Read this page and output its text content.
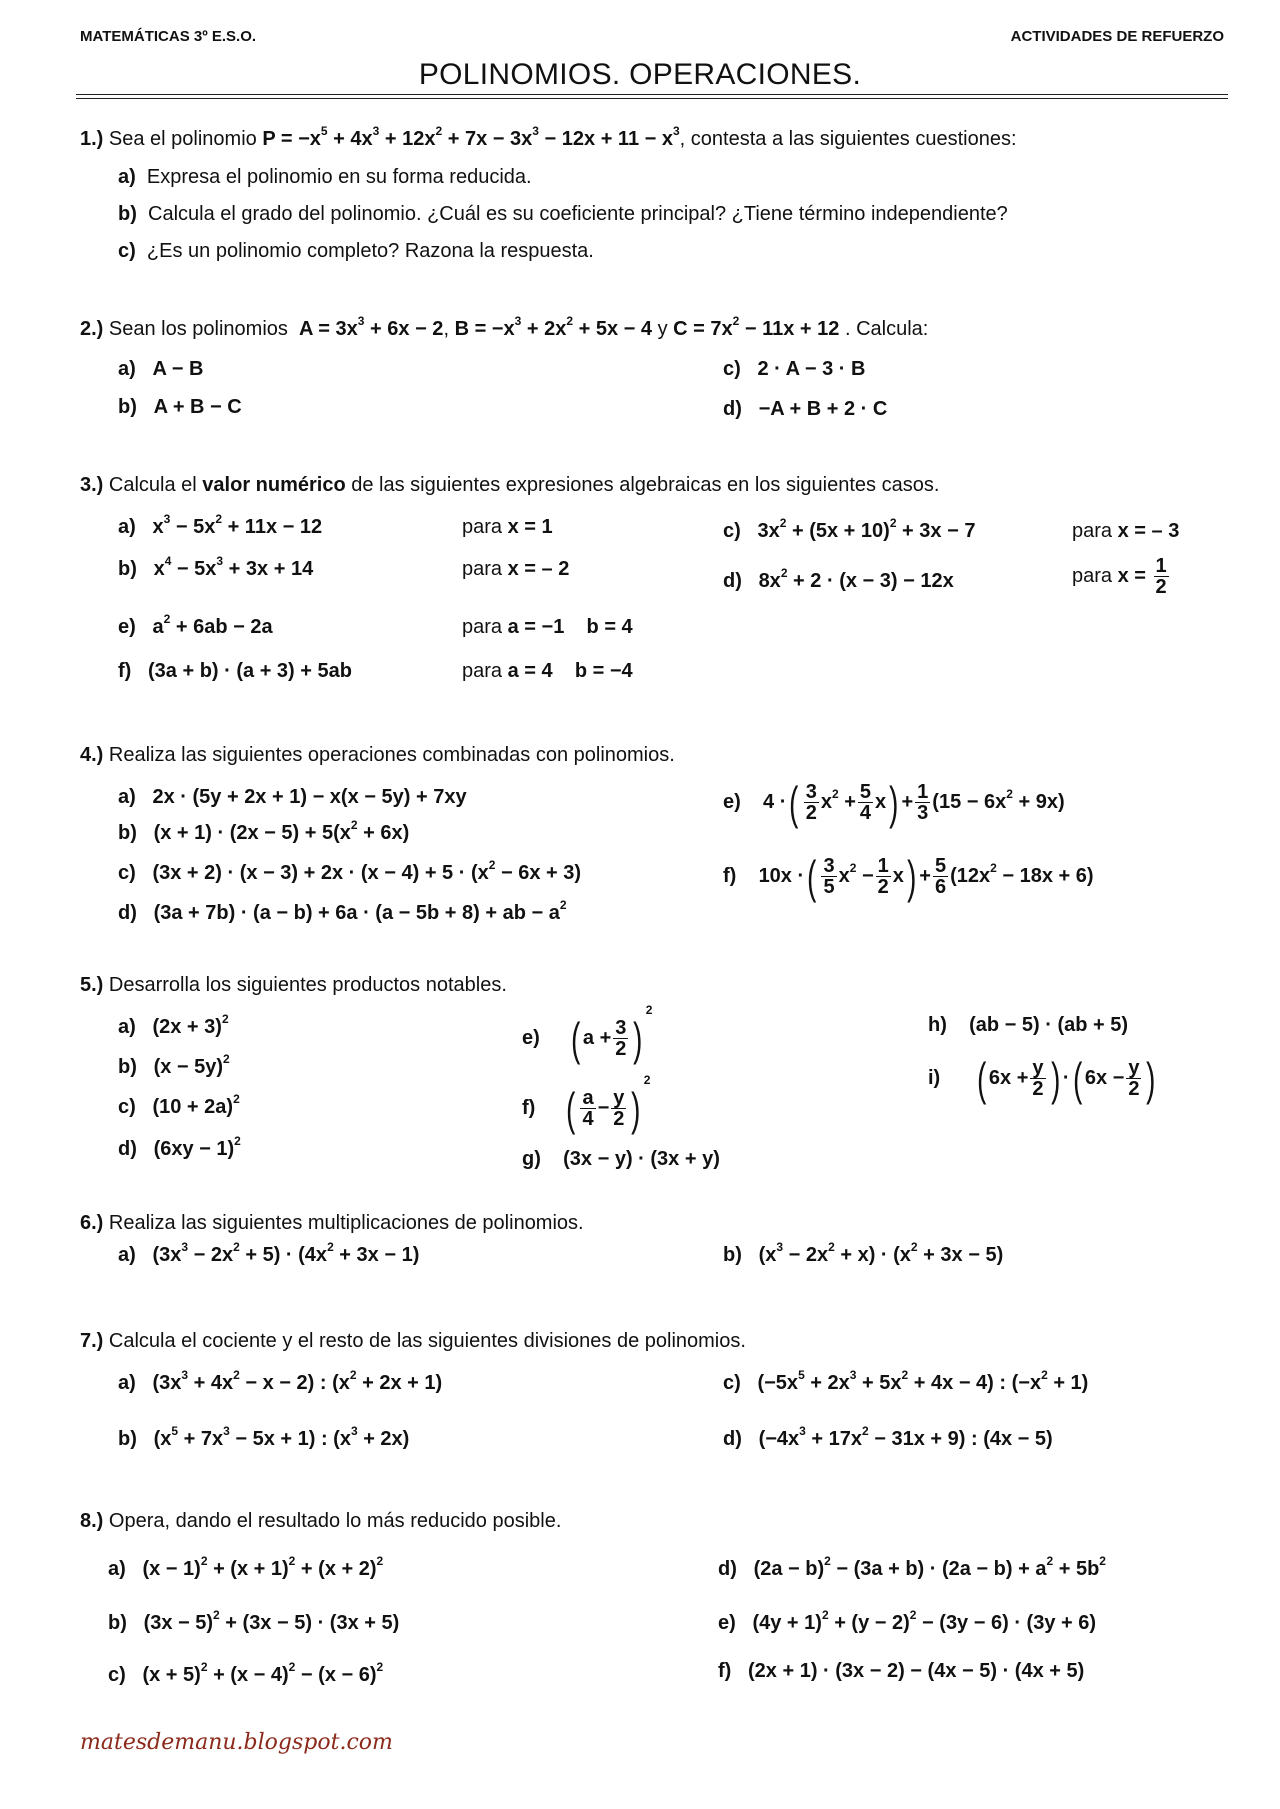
MATEMÁTICAS 3º E.S.O.	ACTIVIDADES DE REFUERZO
POLINOMIOS. OPERACIONES.
1.) Sea el polinomio $P = -x^5 + 4x^3 + 12x^2 + 7x - 3x^3 - 12x + 11 - x^3$, contesta a las siguientes cuestiones:
a) Expresa el polinomio en su forma reducida.
b) Calcula el grado del polinomio. ¿Cuál es su coeficiente principal? ¿Tiene término independiente?
c) ¿Es un polinomio completo? Razona la respuesta.
2.) Sean los polinomios $A = 3x^3 + 6x - 2$, $B = -x^3 + 2x^2 + 5x - 4$ y $C = 7x^2 - 11x + 12$ . Calcula:
a) A − B
b) A + B − C
c) 2 · A − 3 · B
d) −A + B + 2 · C
3.) Calcula el valor numérico de las siguientes expresiones algebraicas en los siguientes casos.
a) $x^3 - 5x^2 + 11x - 12$	para x = 1
b) $x^4 - 5x^3 + 3x + 14$	para x = – 2
c) $3x^2 + (5x + 10)^2 + 3x - 7$	para x = – 3
d) $8x^2 + 2 \cdot (x - 3) - 12x$	para $x = \frac{1}{2}$
e) $a^2 + 6ab - 2a$	para a = −1    b = 4
f) (3a + b) · (a + 3) + 5ab	para a = 4    b = −4
4.) Realiza las siguientes operaciones combinadas con polinomios.
a) 2x · (5y + 2x + 1) − x(x − 5y) + 7xy
b) $(x + 1) \cdot (2x - 5) + 5(x^2 + 6x)$
c) $(3x + 2) \cdot (x - 3) + 2x \cdot (x - 4) + 5 \cdot (x^2 - 6x + 3)$
d) (3a + 7b) · (a − b) + 6a · (a − 5b + 8) + ab − $a^2$
e) 4 ·( $\frac{3}{2} x^2 + \frac{5}{4} x) + \frac{1}{3} (15 - 6x^2 + 9x)$
f) 10x ·( $\frac{3}{5} x^2 - \frac{1}{2} x) + \frac{5}{6} (12x^2 - 18x + 6)$
5.) Desarrolla los siguientes productos notables.
a) $(2x + 3)^2$
b) $(x - 5y)^2$
c) $(10 + 2a)^2$
d) $(6xy - 1)^2$
e) ( $a + \frac{3}{2} )^2$
f) ( $\frac{a}{4} - \frac{y}{2} )^2$
g) (3x − y) · (3x + y)
h) (ab − 5) · (ab + 5)
i) ( $6x + \frac{y}{2}$ ) ·( $6x - \frac{y}{2}$ )
6.) Realiza las siguientes multiplicaciones de polinomios.
a) $(3x^3 - 2x^2 + 5) \cdot (4x^2 + 3x - 1)$	b) $(x^3 - 2x^2 + x) \cdot (x^2 + 3x - 5)$
7.) Calcula el cociente y el resto de las siguientes divisiones de polinomios.
a) $(3x^3 + 4x^2 - x - 2)$ : $(x^2 + 2x + 1)$
b) $(x^5 + 7x^3 - 5x + 1)$ : $(x^3 + 2x)$
c) $(-5x^5 + 2x^3 + 5x^2 + 4x - 4)$ : $(-x^2 + 1)$
d) $(-4x^3 + 17x^2 - 31x + 9)$ : (4x − 5)
8.) Opera, dando el resultado lo más reducido posible.
a) $(x - 1)^2 + (x + 1)^2 + (x + 2)^2$
b) $(3x - 5)^2 + (3x - 5) \cdot (3x + 5)$
c) $(x + 5)^2 + (x - 4)^2 - (x - 6)^2$
d) $(2a - b)^2 - (3a + b) \cdot (2a - b) + a^2 + 5b^2$
e) $(4y + 1)^2 + (y - 2)^2 - (3y - 6) \cdot (3y + 6)$
f) (2x + 1) · (3x − 2) − (4x − 5) · (4x + 5)
matesdemanu.blogspot.com
